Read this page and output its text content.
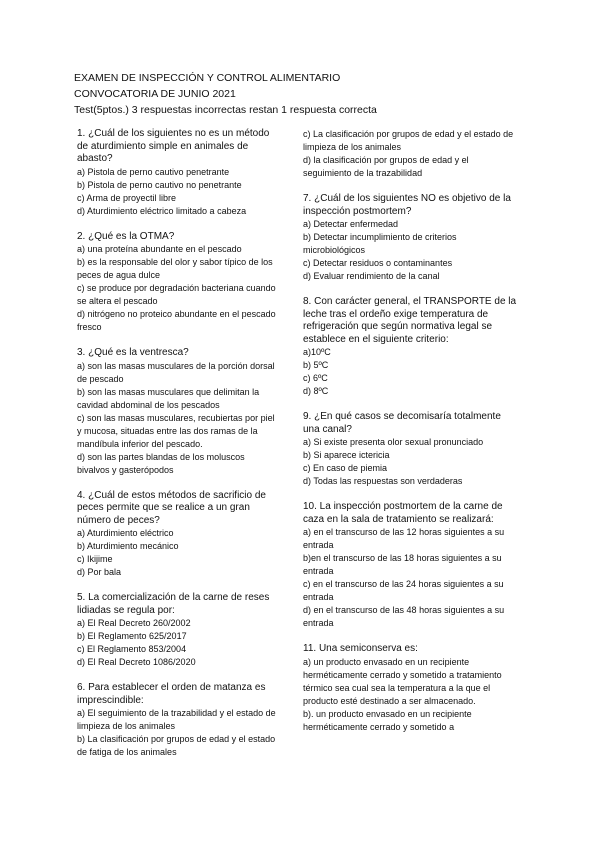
EXAMEN DE INSPECCIÓN Y CONTROL ALIMENTARIO
CONVOCATORIA DE JUNIO 2021
Test(5ptos.) 3 respuestas incorrectas restan 1 respuesta correcta
1. ¿Cuál de los siguientes no es un método de aturdimiento simple en animales de abasto?
a) Pistola de perno cautivo penetrante
b) Pistola de perno cautivo no penetrante
c) Arma de proyectil libre
d) Aturdimiento eléctrico limitado a cabeza
2. ¿Qué es la OTMA?
a) una proteína abundante en el pescado
b) es la responsable del olor y sabor típico de los peces de agua dulce
c) se produce por degradación bacteriana cuando se altera el pescado
d) nitrógeno no proteico abundante en el pescado fresco
3. ¿Qué es la ventresca?
a) son las masas musculares de la porción dorsal de pescado
b) son las masas musculares que delimitan la cavidad abdominal de los pescados
c) son las masas musculares, recubiertas por piel y mucosa, situadas entre las dos ramas de la mandíbula inferior del pescado.
d) son las partes blandas de los moluscos bivalvos y gasterópodos
4. ¿Cuál de estos métodos de sacrificio de peces permite que se realice a un gran número de peces?
a) Aturdimiento eléctrico
b) Aturdimiento mecánico
c) Ikijime
d) Por bala
5. La comercialización de la carne de reses lidiadas se regula por:
a) El Real Decreto 260/2002
b) El Reglamento 625/2017
c) El Reglamento 853/2004
d) El Real Decreto 1086/2020
6. Para establecer el orden de matanza es imprescindible:
a) El seguimiento de la trazabilidad y el estado de limpieza de los animales
b) La clasificación por grupos de edad y el estado de fatiga de los animales
c) La clasificación por grupos de edad y el estado de limpieza de los animales
d) la clasificación por grupos de edad y el seguimiento de la trazabilidad
7. ¿Cuál de los siguientes NO es objetivo de la inspección postmortem?
a) Detectar enfermedad
b) Detectar incumplimiento de criterios microbiológicos
c) Detectar residuos o contaminantes
d) Evaluar rendimiento de la canal
8. Con carácter general, el TRANSPORTE de la leche tras el ordeño exige temperatura de refrigeración que según normativa legal se establece en el siguiente criterio:
a)10ºC
b) 5ºC
c) 6ºC
d) 8ºC
9. ¿En qué casos se decomisaría totalmente una canal?
a) Si existe presenta olor sexual pronunciado
b) Si aparece ictericia
c) En caso de piemia
d) Todas las respuestas son verdaderas
10. La inspección postmortem de la carne de caza en la sala de tratamiento se realizará:
a) en el transcurso de las 12 horas siguientes a su entrada
b)en el transcurso de las 18 horas siguientes a su entrada
c) en el transcurso de las 24 horas siguientes a su entrada
d) en el transcurso de las 48 horas siguientes a su entrada
11. Una semiconserva es:
a) un producto envasado en un recipiente herméticamente cerrado y sometido a tratamiento térmico sea cual sea la temperatura a la que el producto esté destinado a ser almacenado.
b). un producto envasado en un recipiente herméticamente cerrado y sometido a
